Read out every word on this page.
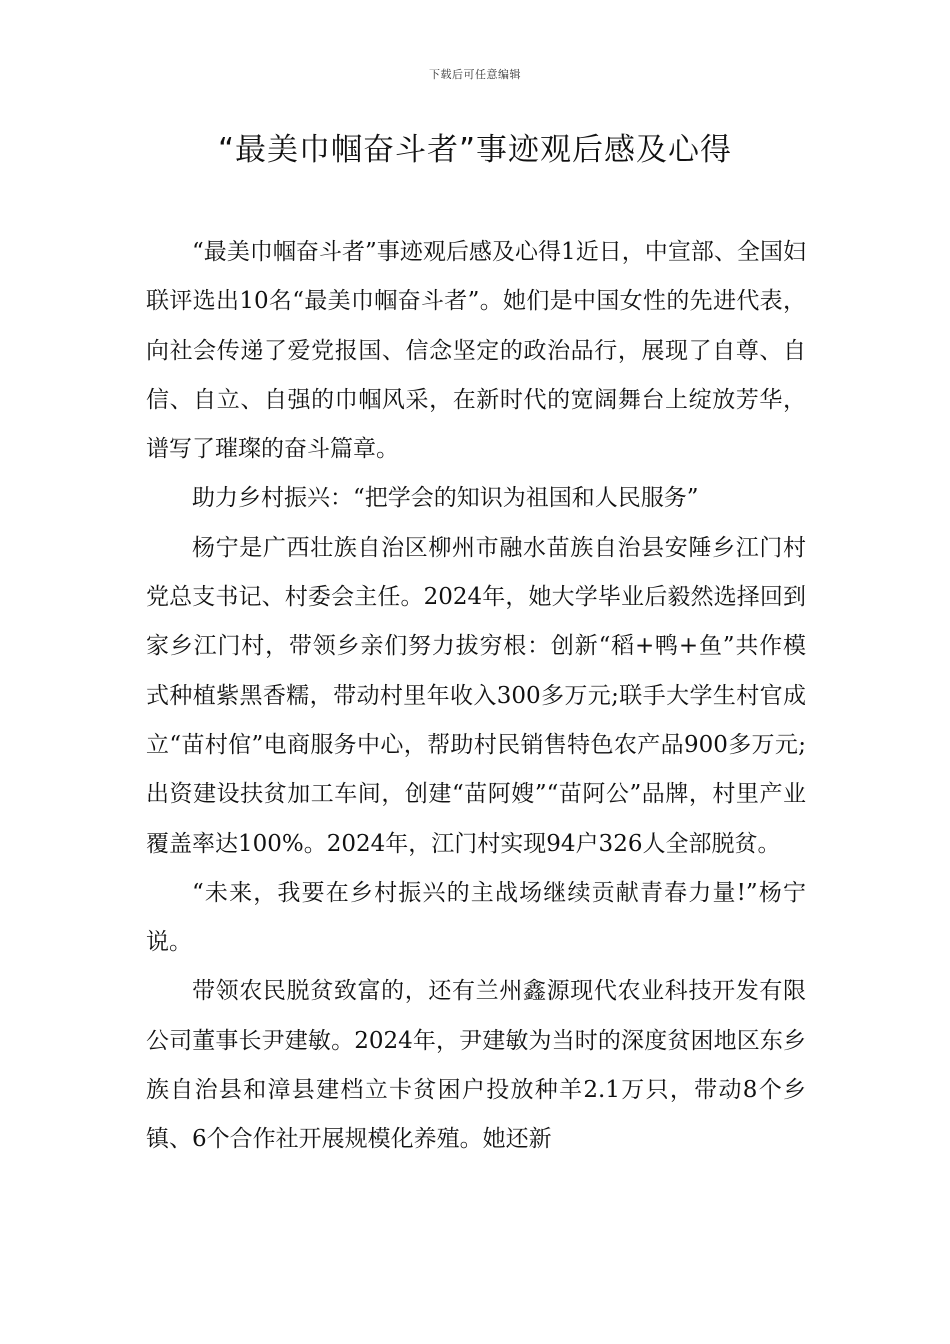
下载后可任意编辑
“最美巾帼奋斗者”事迹观后感及心得

“最美巾帼奋斗者”事迹观后感及心得1近日，中宣部、全国妇联评选出10名“最美巾帼奋斗者”。她们是中国女性的先进代表，向社会传递了爱党报国、信念坚定的政治品行，展现了自尊、自信、自立、自强的巾帼风采，在新时代的宽阔舞台上绽放芳华，谱写了璀璨的奋斗篇章。

助力乡村振兴：“把学会的知识为祖国和人民服务”

杨宁是广西壮族自治区柳州市融水苗族自治县安陲乡江门村党总支书记、村委会主任。2024年，她大学毕业后毅然选择回到家乡江门村，带领乡亲们努力拔穷根：创新“稻+鸭+鱼”共作模式种植紫黑香糯，带动村里年收入300多万元;联手大学生村官成立“苗村倌”电商服务中心，帮助村民销售特色农产品900多万元;出资建设扶贫加工车间，创建“苗阿嫂”“苗阿公”品牌，村里产业覆盖率达100%。2024年，江门村实现94户326人全部脱贫。

“未来，我要在乡村振兴的主战场继续贡献青春力量!”杨宁说。

带领农民脱贫致富的，还有兰州鑫源现代农业科技开发有限公司董事长尹建敏。2024年，尹建敏为当时的深度贫困地区东乡族自治县和漳县建档立卡贫困户投放种羊2.1万只，带动8个乡镇、6个合作社开展规模化养殖。她还新
